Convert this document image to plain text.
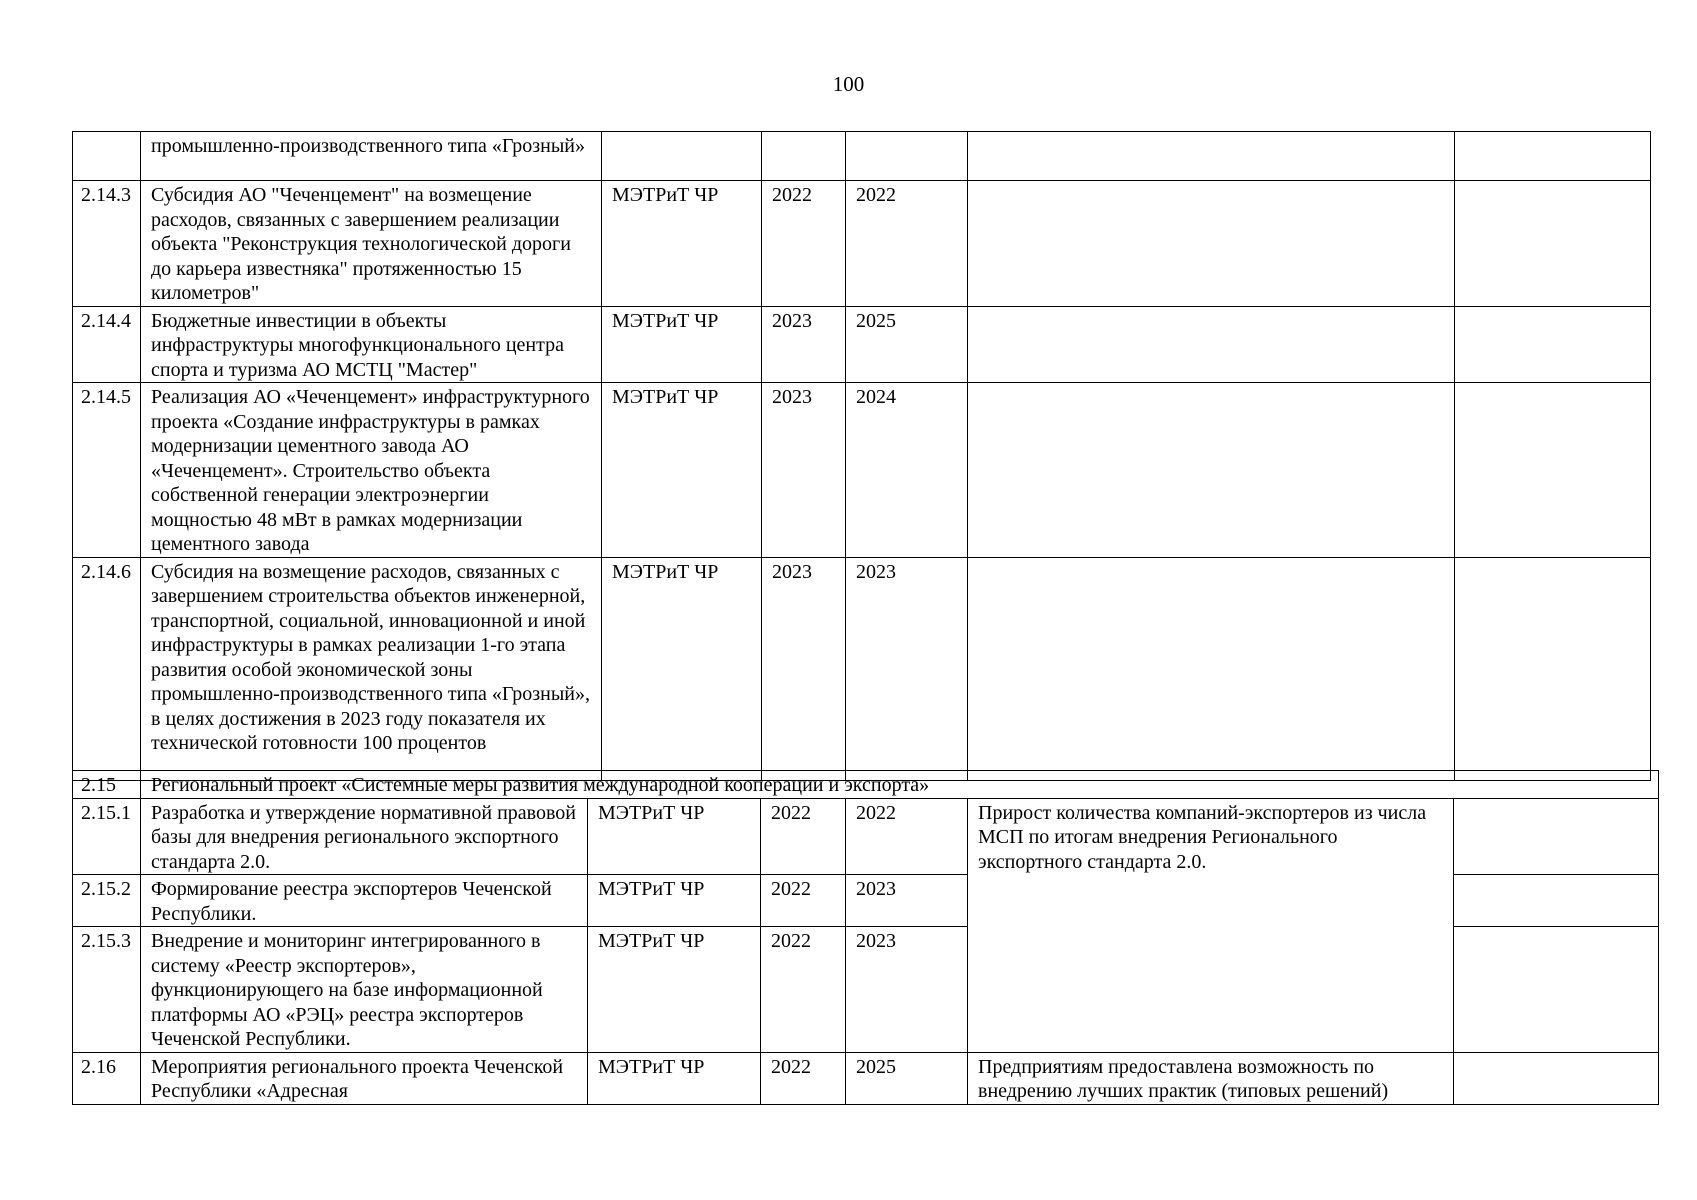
100
	промышленно-производственного типа «Грозный»					
2.14.3	Субсидия АО "Чеченцемент" на возмещение расходов, связанных с завершением реализации объекта "Реконструкция технологической дороги до карьера известняка" протяженностью 15 километров"	МЭТРиТ ЧР	2022	2022		
2.14.4	Бюджетные инвестиции в объекты инфраструктуры многофункционального центра спорта и туризма АО МСТЦ "Мастер"	МЭТРиТ ЧР	2023	2025		
2.14.5	Реализация АО «Чеченцемент» инфраструктурного проекта «Создание инфраструктуры в рамках модернизации цементного завода АО «Чеченцемент». Строительство объекта собственной генерации электроэнергии мощностью 48 мВт в рамках модернизации цементного завода	МЭТРиТ ЧР	2023	2024		
2.14.6	Субсидия на возмещение расходов, связанных с завершением строительства объектов инженерной, транспортной, социальной, инновационной и иной инфраструктуры в рамках реализации 1-го этапа развития особой экономической зоны промышленно-производственного типа «Грозный», в целях достижения в 2023 году показателя их технической готовности 100 процентов	МЭТРиТ ЧР	2023	2023		
2.15	Региональный проект «Системные меры развития международной кооперации и экспорта»					
2.15.1	Разработка и утверждение нормативной правовой базы для внедрения регионального экспортного стандарта 2.0.	МЭТРиТ ЧР	2022	2022	Прирост количества компаний-экспортеров из числа МСП по итогам внедрения Регионального экспортного стандарта 2.0.	
2.15.2	Формирование реестра экспортеров Чеченской Республики.	МЭТРиТ ЧР	2022	2023		
2.15.3	Внедрение и мониторинг интегрированного в систему «Реестр экспортеров», функционирующего на базе информационной платформы АО «РЭЦ» реестра экспортеров Чеченской Республики.	МЭТРиТ ЧР	2022	2023		
2.16	Мероприятия регионального проекта Чеченской Республики «Адресная	МЭТРиТ ЧР	2022	2025	Предприятиям предоставлена возможность по внедрению лучших практик (типовых решений)	
